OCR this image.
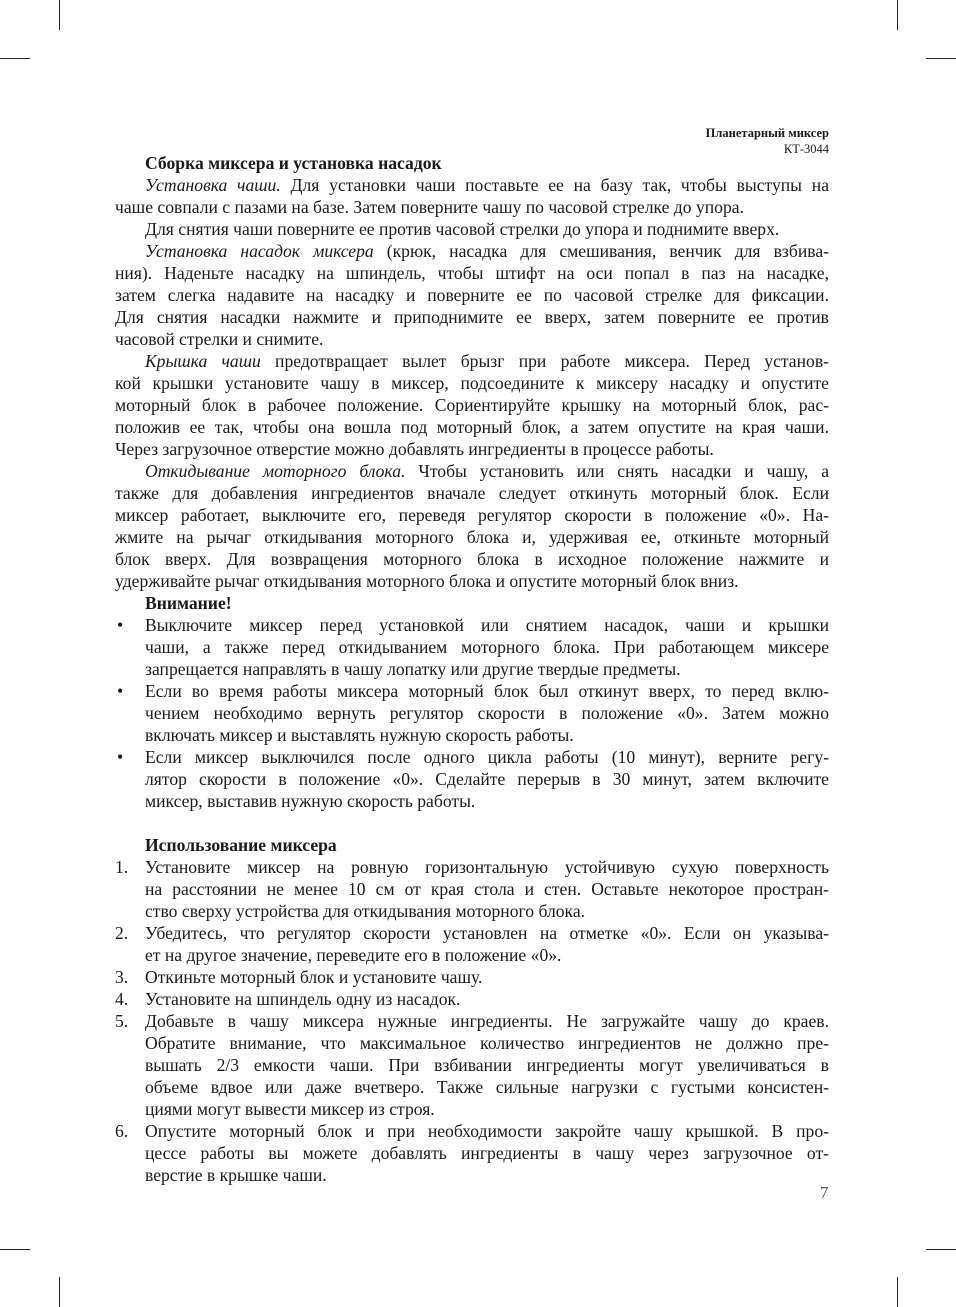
Планетарный миксер
КТ-3044
Сборка миксера и установка насадок
Установка чаши. Для установки чаши поставьте ее на базу так, чтобы выступы на
чаше совпали с пазами на базе. Затем поверните чашу по часовой стрелке до упора.
Для снятия чаши поверните ее против часовой стрелки до упора и поднимите вверх.
Установка насадок миксера (крюк, насадка для смешивания, венчик для взбива-
ния). Наденьте насадку на шпиндель, чтобы штифт на оси попал в паз на насадке,
затем слегка надавите на насадку и поверните ее по часовой стрелке для фиксации.
Для снятия насадки нажмите и приподнимите ее вверх, затем поверните ее против
часовой стрелки и снимите.
Крышка чаши предотвращает вылет брызг при работе миксера. Перед установ-
кой крышки установите чашу в миксер, подсоедините к миксеру насадку и опустите
моторный блок в рабочее положение. Сориентируйте крышку на моторный блок, рас-
положив ее так, чтобы она вошла под моторный блок, а затем опустите на края чаши.
Через загрузочное отверстие можно добавлять ингредиенты в процессе работы.
Откидывание моторного блока. Чтобы установить или снять насадки и чашу, а
также для добавления ингредиентов вначале следует откинуть моторный блок. Если
миксер работает, выключите его, переведя регулятор скорости в положение «0». На-
жмите на рычаг откидывания моторного блока и, удерживая ее, откиньте моторный
блок вверх. Для возвращения моторного блока в исходное положение нажмите и
удерживайте рычаг откидывания моторного блока и опустите моторный блок вниз.
Внимание!
• Выключите миксер перед установкой или снятием насадок, чаши и крышки
чаши, а также перед откидыванием моторного блока. При работающем миксере
запрещается направлять в чашу лопатку или другие твердые предметы.
• Если во время работы миксера моторный блок был откинут вверх, то перед вклю-
чением необходимо вернуть регулятор скорости в положение «0». Затем можно
включать миксер и выставлять нужную скорость работы.
• Если миксер выключился после одного цикла работы (10 минут), верните регу-
лятор скорости в положение «0». Сделайте перерыв в 30 минут, затем включите
миксер, выставив нужную скорость работы.
Использование миксера
1. Установите миксер на ровную горизонтальную устойчивую сухую поверхность
на расстоянии не менее 10 см от края стола и стен. Оставьте некоторое простран-
ство сверху устройства для откидывания моторного блока.
2. Убедитесь, что регулятор скорости установлен на отметке «0». Если он указыва-
ет на другое значение, переведите его в положение «0».
3. Откиньте моторный блок и установите чашу.
4. Установите на шпиндель одну из насадок.
5. Добавьте в чашу миксера нужные ингредиенты. Не загружайте чашу до краев.
Обратите внимание, что максимальное количество ингредиентов не должно пре-
вышать 2/3 емкости чаши. При взбивании ингредиенты могут увеличиваться в
объеме вдвое или даже вчетверо. Также сильные нагрузки с густыми консистен-
циями могут вывести миксер из строя.
6. Опустите моторный блок и при необходимости закройте чашу крышкой. В про-
цессе работы вы можете добавлять ингредиенты в чашу через загрузочное от-
верстие в крышке чаши.
7
